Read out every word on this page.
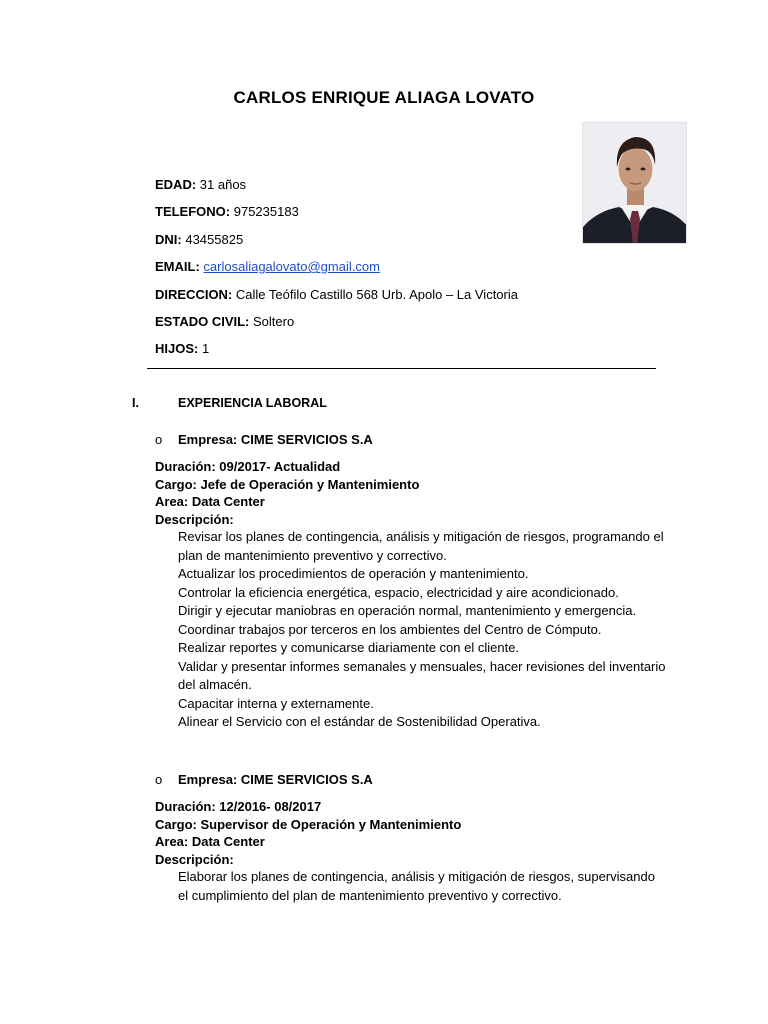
CARLOS ENRIQUE ALIAGA LOVATO
EDAD: 31 años
TELEFONO: 975235183
DNI: 43455825
EMAIL: carlosaliagalovato@gmail.com
DIRECCION: Calle Teófilo Castillo 568 Urb. Apolo – La Victoria
ESTADO CIVIL: Soltero
HIJOS: 1
I.	EXPERIENCIA LABORAL
o Empresa: CIME SERVICIOS S.A
Duración: 09/2017- Actualidad
Cargo: Jefe de Operación y Mantenimiento
Area: Data Center
Descripción:
Revisar los planes de contingencia, análisis y mitigación de riesgos, programando el
plan de mantenimiento preventivo y correctivo.
Actualizar los procedimientos de operación y mantenimiento.
Controlar la eficiencia energética, espacio, electricidad y aire acondicionado.
Dirigir y ejecutar maniobras en operación normal, mantenimiento y emergencia.
Coordinar trabajos por terceros en los ambientes del Centro de Cómputo.
Realizar reportes y comunicarse diariamente con el cliente.
Validar y presentar informes semanales y mensuales, hacer revisiones del inventario
del almacén.
Capacitar interna y externamente.
Alinear el Servicio con el estándar de Sostenibilidad Operativa.
o Empresa: CIME SERVICIOS S.A
Duración: 12/2016- 08/2017
Cargo: Supervisor de Operación y Mantenimiento
Area: Data Center
Descripción:
Elaborar los planes de contingencia, análisis y mitigación de riesgos, supervisando
el cumplimiento del plan de mantenimiento preventivo y correctivo.
